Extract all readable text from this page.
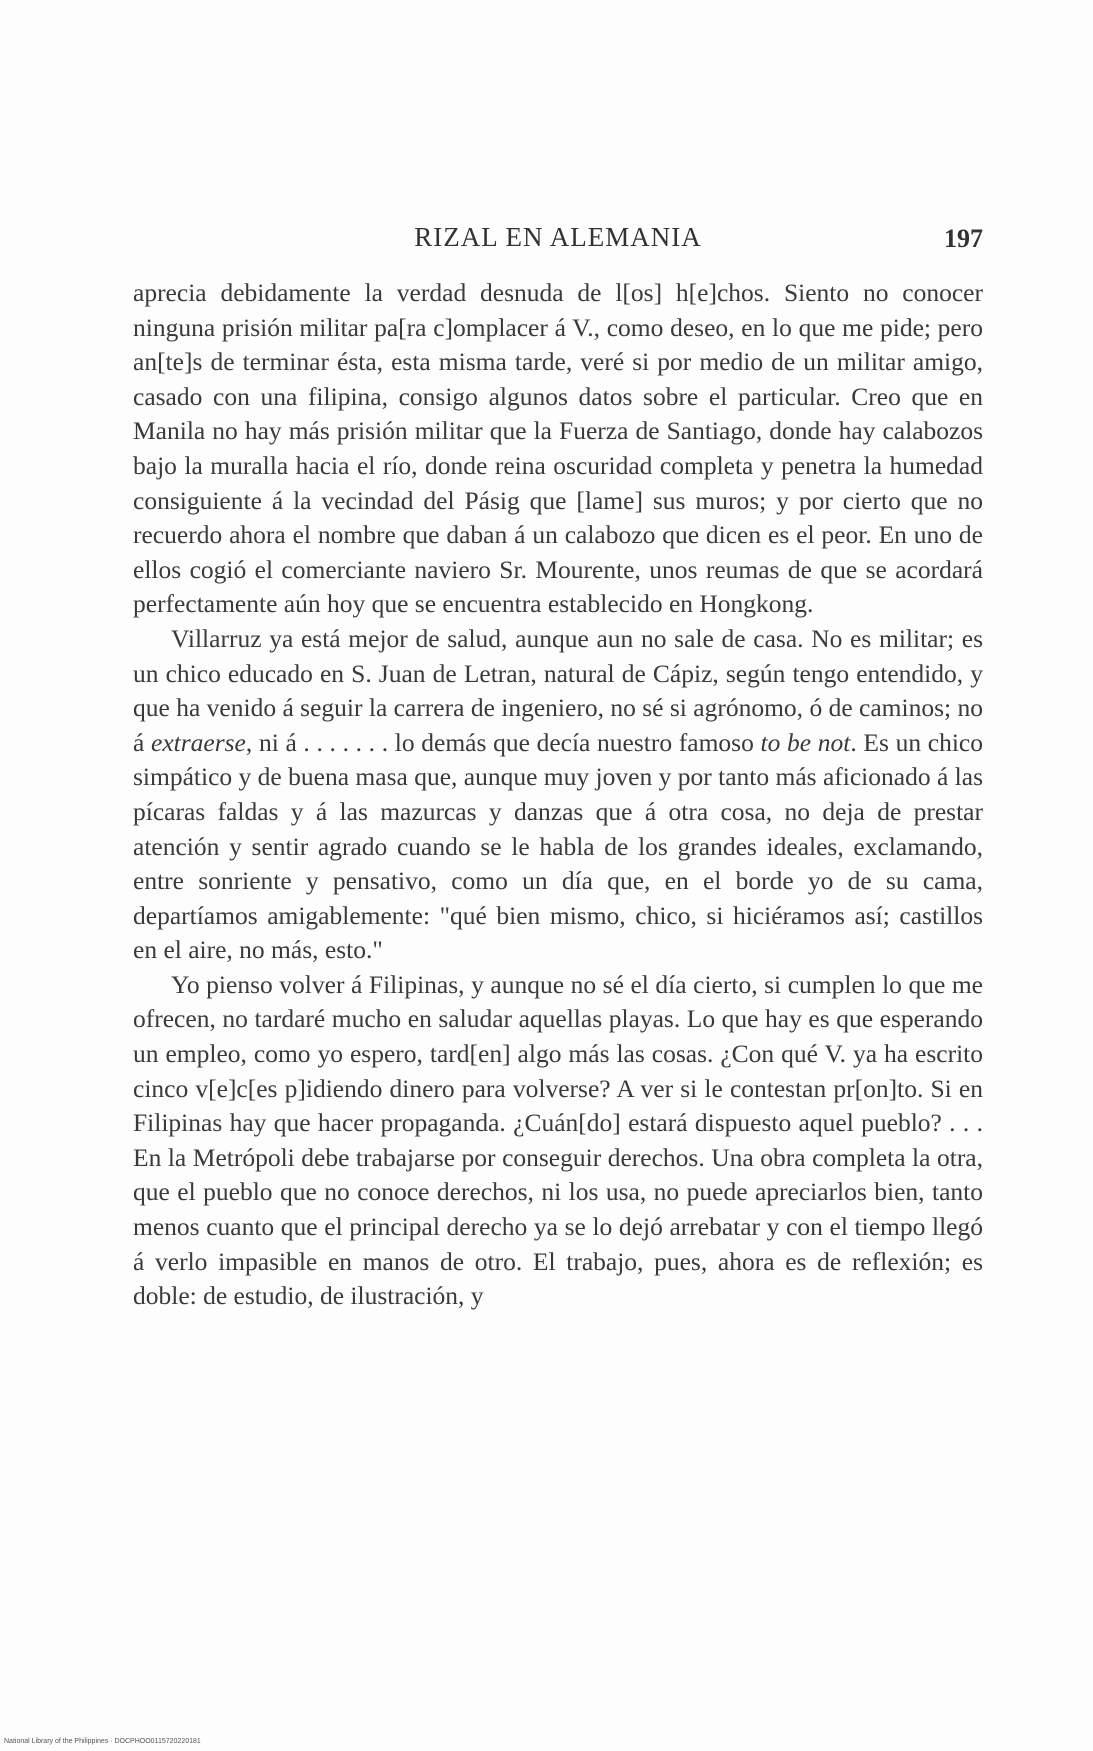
RIZAL EN ALEMANIA	197

aprecia debidamente la verdad desnuda de l[os] h[e]chos. Siento no conocer ninguna prisión militar pa[ra c]omplacer á V., como deseo, en lo que me pide; pero an[te]s de terminar ésta, esta misma tarde, veré si por medio de un militar amigo, casado con una filipina, consigo algunos datos sobre el particular. Creo que en Manila no hay más prisión militar que la Fuerza de Santiago, donde hay calabozos bajo la muralla hacia el río, donde reina oscuridad completa y penetra la humedad consiguiente á la vecindad del Pásig que [lame] sus muros; y por cierto que no recuerdo ahora el nombre que daban á un calabozo que dicen es el peor. En uno de ellos cogió el comerciante naviero Sr. Mourente, unos reumas de que se acordará perfectamente aún hoy que se encuentra establecido en Hongkong.

Villarruz ya está mejor de salud, aunque aun no sale de casa. No es militar; es un chico educado en S. Juan de Letran, natural de Cápiz, según tengo entendido, y que ha venido á seguir la carrera de ingeniero, no sé si agrónomo, ó de caminos; no á extraerse, ni á . . . . . . . lo demás que decía nuestro famoso to be not. Es un chico simpático y de buena masa que, aunque muy joven y por tanto más aficionado á las pícaras faldas y á las mazurcas y danzas que á otra cosa, no deja de prestar atención y sentir agrado cuando se le habla de los grandes ideales, exclamando, entre sonriente y pensativo, como un día que, en el borde yo de su cama, departíamos amigablemente: "qué bien mismo, chico, si hiciéramos así; castillos en el aire, no más, esto."

Yo pienso volver á Filipinas, y aunque no sé el día cierto, si cumplen lo que me ofrecen, no tardaré mucho en saludar aquellas playas. Lo que hay es que esperando un empleo, como yo espero, tard[en] algo más las cosas. ¿Con qué V. ya ha escrito cinco v[e]c[es p]idiendo dinero para volverse? A ver si le contestan pr[on]to. Si en Filipinas hay que hacer propaganda. ¿Cuán[do] estará dispuesto aquel pueblo? . . . En la Metrópoli debe trabajarse por conseguir derechos. Una obra completa la otra, que el pueblo que no conoce derechos, ni los usa, no puede apreciarlos bien, tanto menos cuanto que el principal derecho ya se lo dejó arrebatar y con el tiempo llegó á verlo impasible en manos de otro. El trabajo, pues, ahora es de reflexión; es doble: de estudio, de ilustración, y

National Library of the Philippines · DOCPHOO0115720220181
